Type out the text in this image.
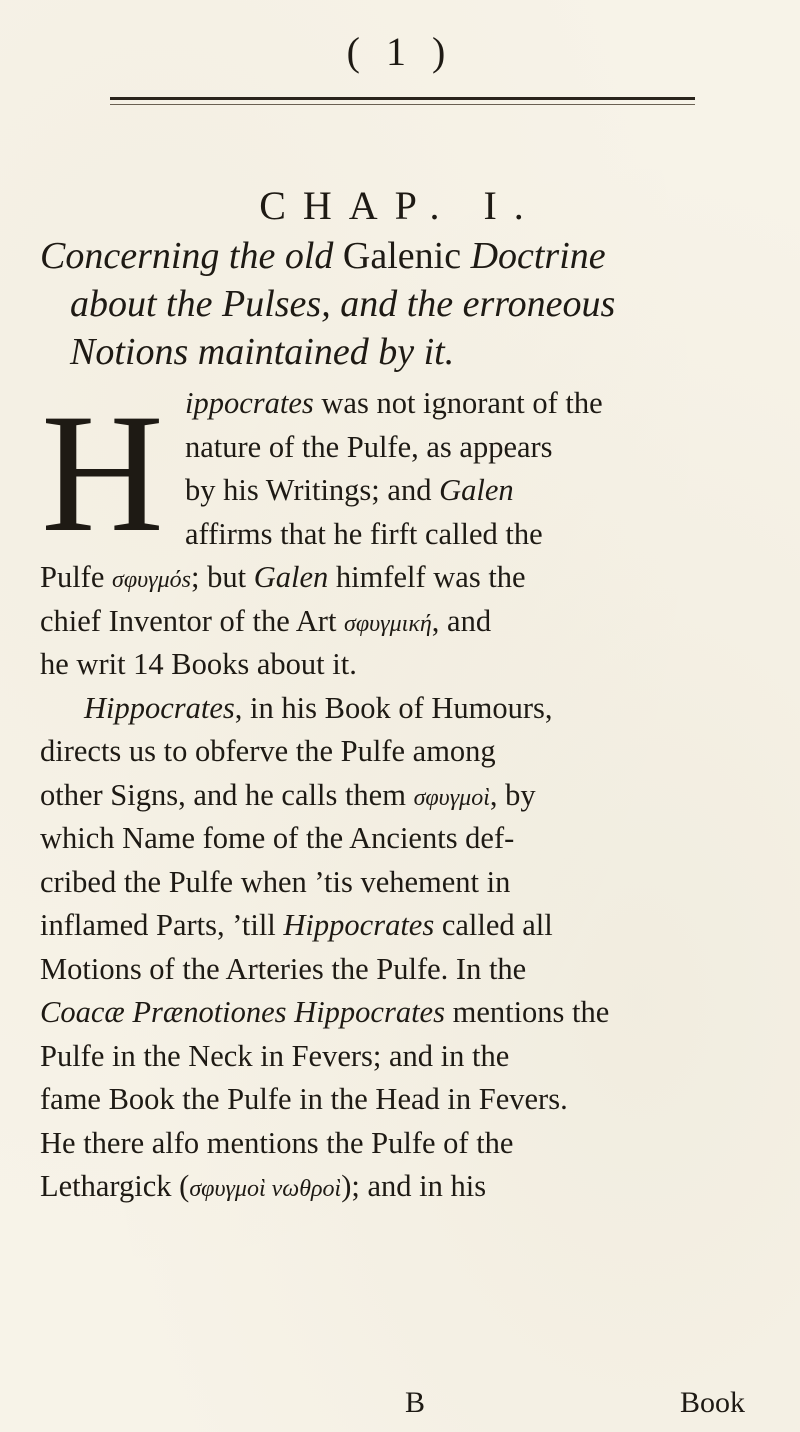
( 1 )
CHAP. I.
Concerning the old Galenic Doctrine
about the Pulses, and the erroneous
Notions maintained by it.
H ippocrates was not ignorant of the
nature of the Pulfe, as appears
by his Writings; and Galen
affirms that he firft called the
Pulfe σφυγμόs; but Galen himfelf was the
chief Inventor of the Art σφυγμική, and
he writ 14 Books about it.
Hippocrates, in his Book of Humours,
directs us to obferve the Pulfe among
other Signs, and he calls them σφυγμοὶ, by
which Name fome of the Ancients def-
cribed the Pulfe when ’tis vehement in
inflamed Parts, ’till Hippocrates called all
Motions of the Arteries the Pulfe. In the
Coacæ Prænotiones Hippocrates mentions the
Pulfe in the Neck in Fevers; and in the
fame Book the Pulfe in the Head in Fevers.
He there alfo mentions the Pulfe of the
Lethargick (σφυγμοὶ νωθροὶ); and in his
B	Book
